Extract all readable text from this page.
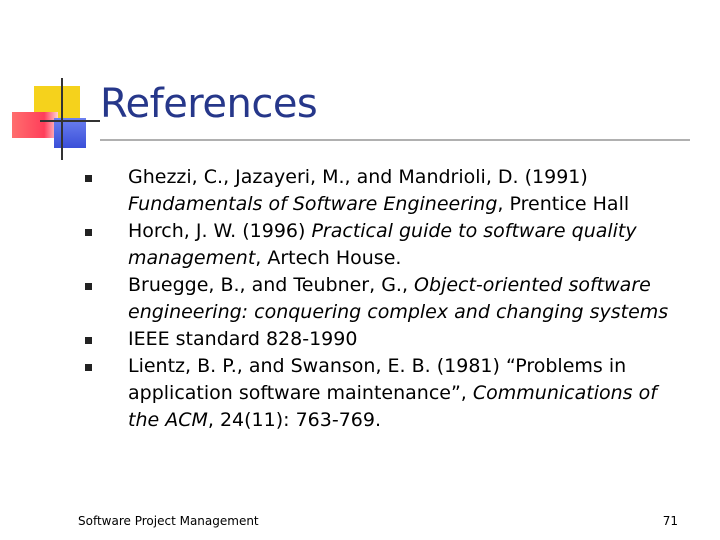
References
Ghezzi, C., Jazayeri, M., and Mandrioli, D. (1991) Fundamentals of Software Engineering, Prentice Hall
Horch, J. W. (1996) Practical guide to software quality management, Artech House.
Bruegge, B., and Teubner, G., Object-oriented software engineering: conquering complex and changing systems
IEEE standard 828-1990
Lientz, B. P., and Swanson, E. B. (1981) “Problems in application software maintenance”, Communications of the ACM, 24(11): 763-769.
Software Project Management	71
